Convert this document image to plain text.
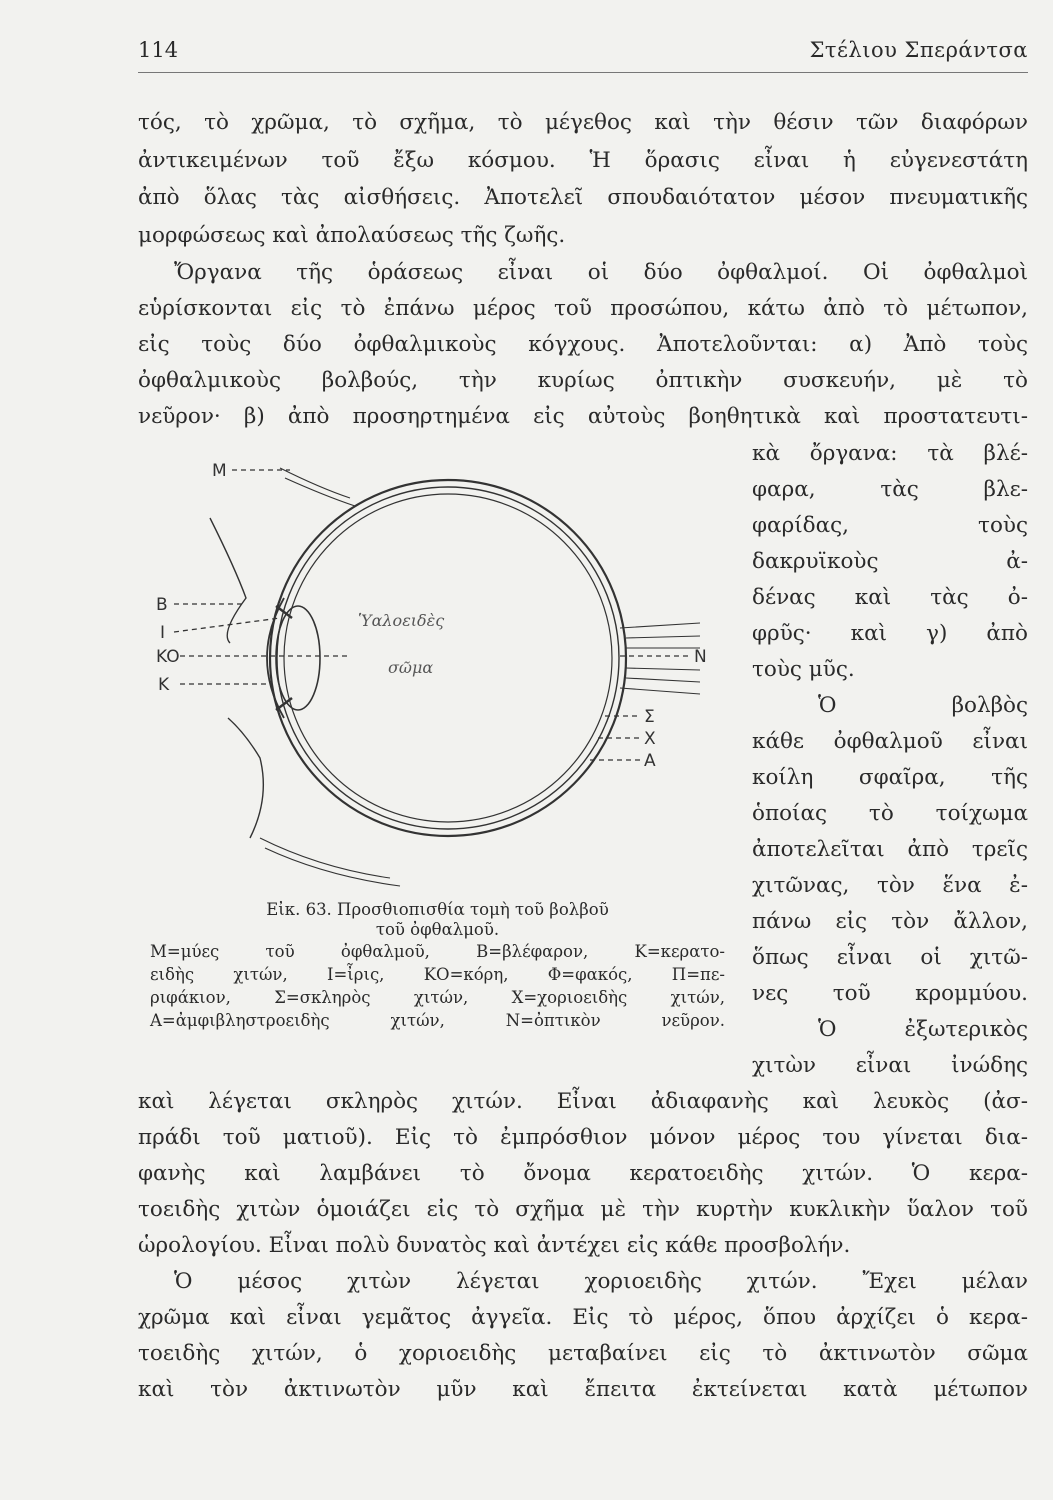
114	Στέλιου Σπεράντσα
τός, τὸ χρῶμα, τὸ σχῆμα, τὸ μέγεθος καὶ τὴν θέσιν τῶν διαφόρων
ἀντικειμένων τοῦ ἔξω κόσμου. Ἡ ὅρασις εἶναι ἡ εὐγενεστάτη
ἀπὸ ὅλας τὰς αἰσθήσεις. Ἀποτελεῖ σπουδαιότατον μέσον πνευματικῆς
μορφώσεως καὶ ἀπολαύσεως τῆς ζωῆς.
Ὄργανα τῆς ὁράσεως εἶναι οἱ δύο ὀφθαλμοί. Οἱ ὀφθαλμοὶ
εὑρίσκονται εἰς τὸ ἐπάνω μέρος τοῦ προσώπου, κάτω ἀπὸ τὸ μέτωπον,
εἰς τοὺς δύο ὀφθαλμικοὺς κόγχους. Ἀποτελοῦνται: α) Ἀπὸ τοὺς
ὀφθαλμικοὺς βολβούς, τὴν κυρίως ὀπτικὴν συσκευήν, μὲ τὸ
νεῦρον· β) ἀπὸ προσηρτημένα εἰς αὐτοὺς βοηθητικὰ καὶ προστατευτι-
κὰ ὄργανα: τὰ βλέ-
φαρα, τὰς βλε-
φαρίδας, τοὺς
δακρυϊκοὺς ἀ-
δένας καὶ τὰς ὀ-
φρῦς· καὶ γ) ἀπὸ
τοὺς μῦς.
Ὁ βολβὸς
κάθε ὀφθαλμοῦ εἶναι
κοίλη σφαῖρα, τῆς
ὁποίας τὸ τοίχωμα
ἀποτελεῖται ἀπὸ τρεῖς
χιτῶνας, τὸν ἕνα ἐ-
πάνω εἰς τὸν ἄλλον,
ὅπως εἶναι οἱ χιτῶ-
νες τοῦ κρομμύου.
Ὁ ἐξωτερικὸς
χιτὼν εἶναι ἰνώδης
M
B
I
KO
K
N
Σ
X
A
Ὑαλοειδὲς
σῶμα
Εἰκ. 63. Προσθιοπισθία τομὴ τοῦ βολβοῦ
τοῦ ὀφθαλμοῦ.
Μ=μύες τοῦ ὀφθαλμοῦ, Β=βλέφαρον, Κ=κερατο-
ειδὴς χιτών, Ι=ἶρις, ΚΟ=κόρη, Φ=φακός, Π=πε-
ριφάκιον, Σ=σκληρὸς χιτών, Χ=χοριοειδὴς χιτών,
Α=ἀμφιβληστροειδὴς χιτών, Ν=ὀπτικὸν νεῦρον.
καὶ λέγεται σκληρὸς χιτών. Εἶναι ἀδιαφανὴς καὶ λευκὸς (ἀσ-
πράδι τοῦ ματιοῦ). Εἰς τὸ ἐμπρόσθιον μόνον μέρος του γίνεται δια-
φανὴς καὶ λαμβάνει τὸ ὄνομα κερατοειδὴς χιτών. Ὁ κερα-
τοειδὴς χιτὼν ὁμοιάζει εἰς τὸ σχῆμα μὲ τὴν κυρτὴν κυκλικὴν ὕαλον τοῦ
ὡρολογίου. Εἶναι πολὺ δυνατὸς καὶ ἀντέχει εἰς κάθε προσβολήν.
Ὁ μέσος χιτὼν λέγεται χοριοειδὴς χιτών. Ἔχει μέλαν
χρῶμα καὶ εἶναι γεμᾶτος ἀγγεῖα. Εἰς τὸ μέρος, ὅπου ἀρχίζει ὁ κερα-
τοειδὴς χιτών, ὁ χοριοειδὴς μεταβαίνει εἰς τὸ ἀκτινωτὸν σῶμα
καὶ τὸν ἀκτινωτὸν μῦν καὶ ἔπειτα ἐκτείνεται κατὰ μέτωπον
